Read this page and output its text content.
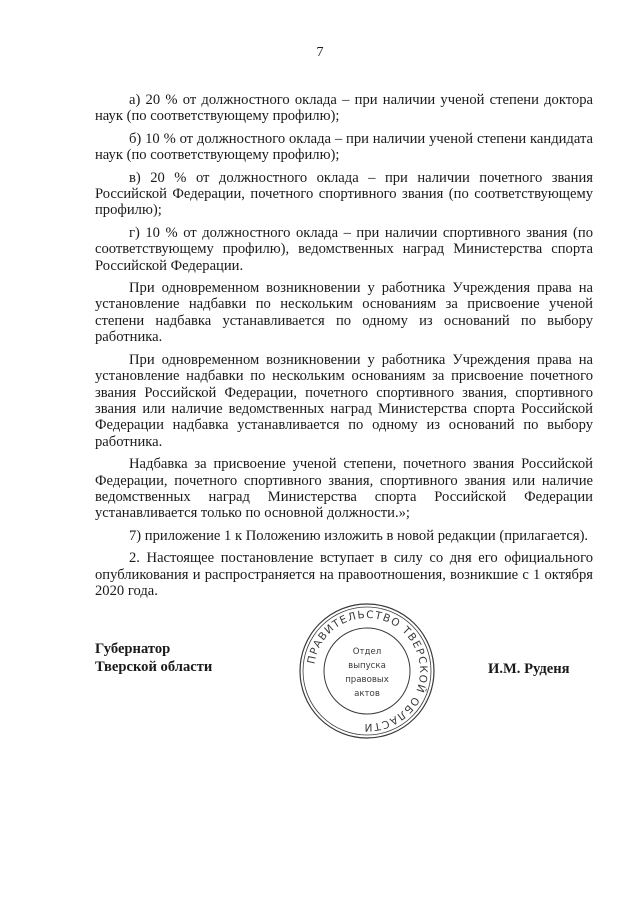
7

а) 20 % от должностного оклада – при наличии ученой степени доктора наук (по соответствующему профилю);

б) 10 % от должностного оклада – при наличии ученой степени кандидата наук (по соответствующему профилю);

в) 20 % от должностного оклада – при наличии почетного звания Российской Федерации, почетного спортивного звания (по соответствующему профилю);

г) 10 % от должностного оклада – при наличии спортивного звания (по соответствующему профилю), ведомственных наград Министерства спорта Российской Федерации.

При одновременном возникновении у работника Учреждения права на установление надбавки по нескольким основаниям за присвоение ученой степени надбавка устанавливается по одному из оснований по выбору работника.

При одновременном возникновении у работника Учреждения права на установление надбавки по нескольким основаниям за присвоение почетного звания Российской Федерации, почетного спортивного звания, спортивного звания или наличие ведомственных наград Министерства спорта Российской Федерации надбавка устанавливается по одному из оснований по выбору работника.

Надбавка за присвоение ученой степени, почетного звания Российской Федерации, почетного спортивного звания, спортивного звания или наличие ведомственных наград Министерства спорта Российской Федерации устанавливается только по основной должности.»;

7) приложение 1 к Положению изложить в новой редакции (прилагается).

2. Настоящее постановление вступает в силу со дня его официального опубликования и распространяется на правоотношения, возникшие с 1 октября 2020 года.

Губернатор
Тверской области	ПРАВИТЕЛЬСТВО ТВЕРСКОЙ ОБЛАСТИ
Отдел
выпуска
правовых
актов
И.М. Руденя
